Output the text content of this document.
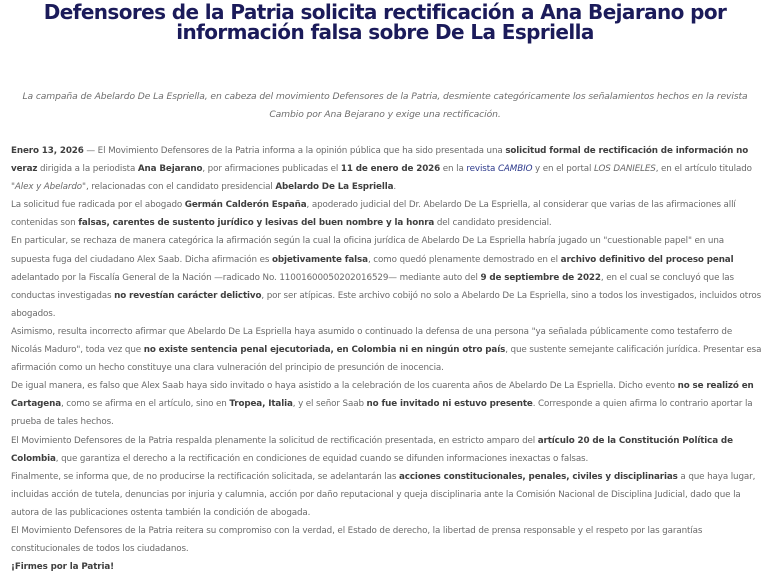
Defensores de la Patria solicita rectificación a Ana Bejarano por
información falsa sobre De La Espriella

La campaña de Abelardo De La Espriella, en cabeza del movimiento Defensores de la Patria, desmiente categóricamente los señalamientos hechos en la revista Cambio por Ana Bejarano y exige una rectificación.

Enero 13, 2026 — El Movimiento Defensores de la Patria informa a la opinión pública que ha sido presentada una solicitud formal de rectificación de información no veraz dirigida a la periodista Ana Bejarano, por afirmaciones publicadas el 11 de enero de 2026 en la revista CAMBIO y en el portal LOS DANIELES, en el artículo titulado "Alex y Abelardo", relacionadas con el candidato presidencial Abelardo De La Espriella.

La solicitud fue radicada por el abogado Germán Calderón España, apoderado judicial del Dr. Abelardo De La Espriella, al considerar que varias de las afirmaciones allí contenidas son falsas, carentes de sustento jurídico y lesivas del buen nombre y la honra del candidato presidencial.

En particular, se rechaza de manera categórica la afirmación según la cual la oficina jurídica de Abelardo De La Espriella habría jugado un "cuestionable papel" en una supuesta fuga del ciudadano Alex Saab. Dicha afirmación es objetivamente falsa, como quedó plenamente demostrado en el archivo definitivo del proceso penal adelantado por la Fiscalía General de la Nación —radicado No. 110016000502020165​29— mediante auto del 9 de septiembre de 2022, en el cual se concluyó que las conductas investigadas no revestían carácter delictivo, por ser atípicas. Este archivo cobijó no solo a Abelardo De La Espriella, sino a todos los investigados, incluidos otros abogados.

Asimismo, resulta incorrecto afirmar que Abelardo De La Espriella haya asumido o continuado la defensa de una persona "ya señalada públicamente como testaferro de Nicolás Maduro", toda vez que no existe sentencia penal ejecutoriada, en Colombia ni en ningún otro país, que sustente semejante calificación jurídica. Presentar esa afirmación como un hecho constituye una clara vulneración del principio de presunción de inocencia.

De igual manera, es falso que Alex Saab haya sido invitado o haya asistido a la celebración de los cuarenta años de Abelardo De La Espriella. Dicho evento no se realizó en Cartagena, como se afirma en el artículo, sino en Tropea, Italia, y el señor Saab no fue invitado ni estuvo presente. Corresponde a quien afirma lo contrario aportar la prueba de tales hechos.

El Movimiento Defensores de la Patria respalda plenamente la solicitud de rectificación presentada, en estricto amparo del artículo 20 de la Constitución Política de Colombia, que garantiza el derecho a la rectificación en condiciones de equidad cuando se difunden informaciones inexactas o falsas.

Finalmente, se informa que, de no producirse la rectificación solicitada, se adelantarán las acciones constitucionales, penales, civiles y disciplinarias a que haya lugar, incluidas acción de tutela, denuncias por injuria y calumnia, acción por daño reputacional y queja disciplinaria ante la Comisión Nacional de Disciplina Judicial, dado que la autora de las publicaciones ostenta también la condición de abogada.

El Movimiento Defensores de la Patria reitera su compromiso con la verdad, el Estado de derecho, la libertad de prensa responsable y el respeto por las garantías constitucionales de todos los ciudadanos.

¡Firmes por la Patria!
